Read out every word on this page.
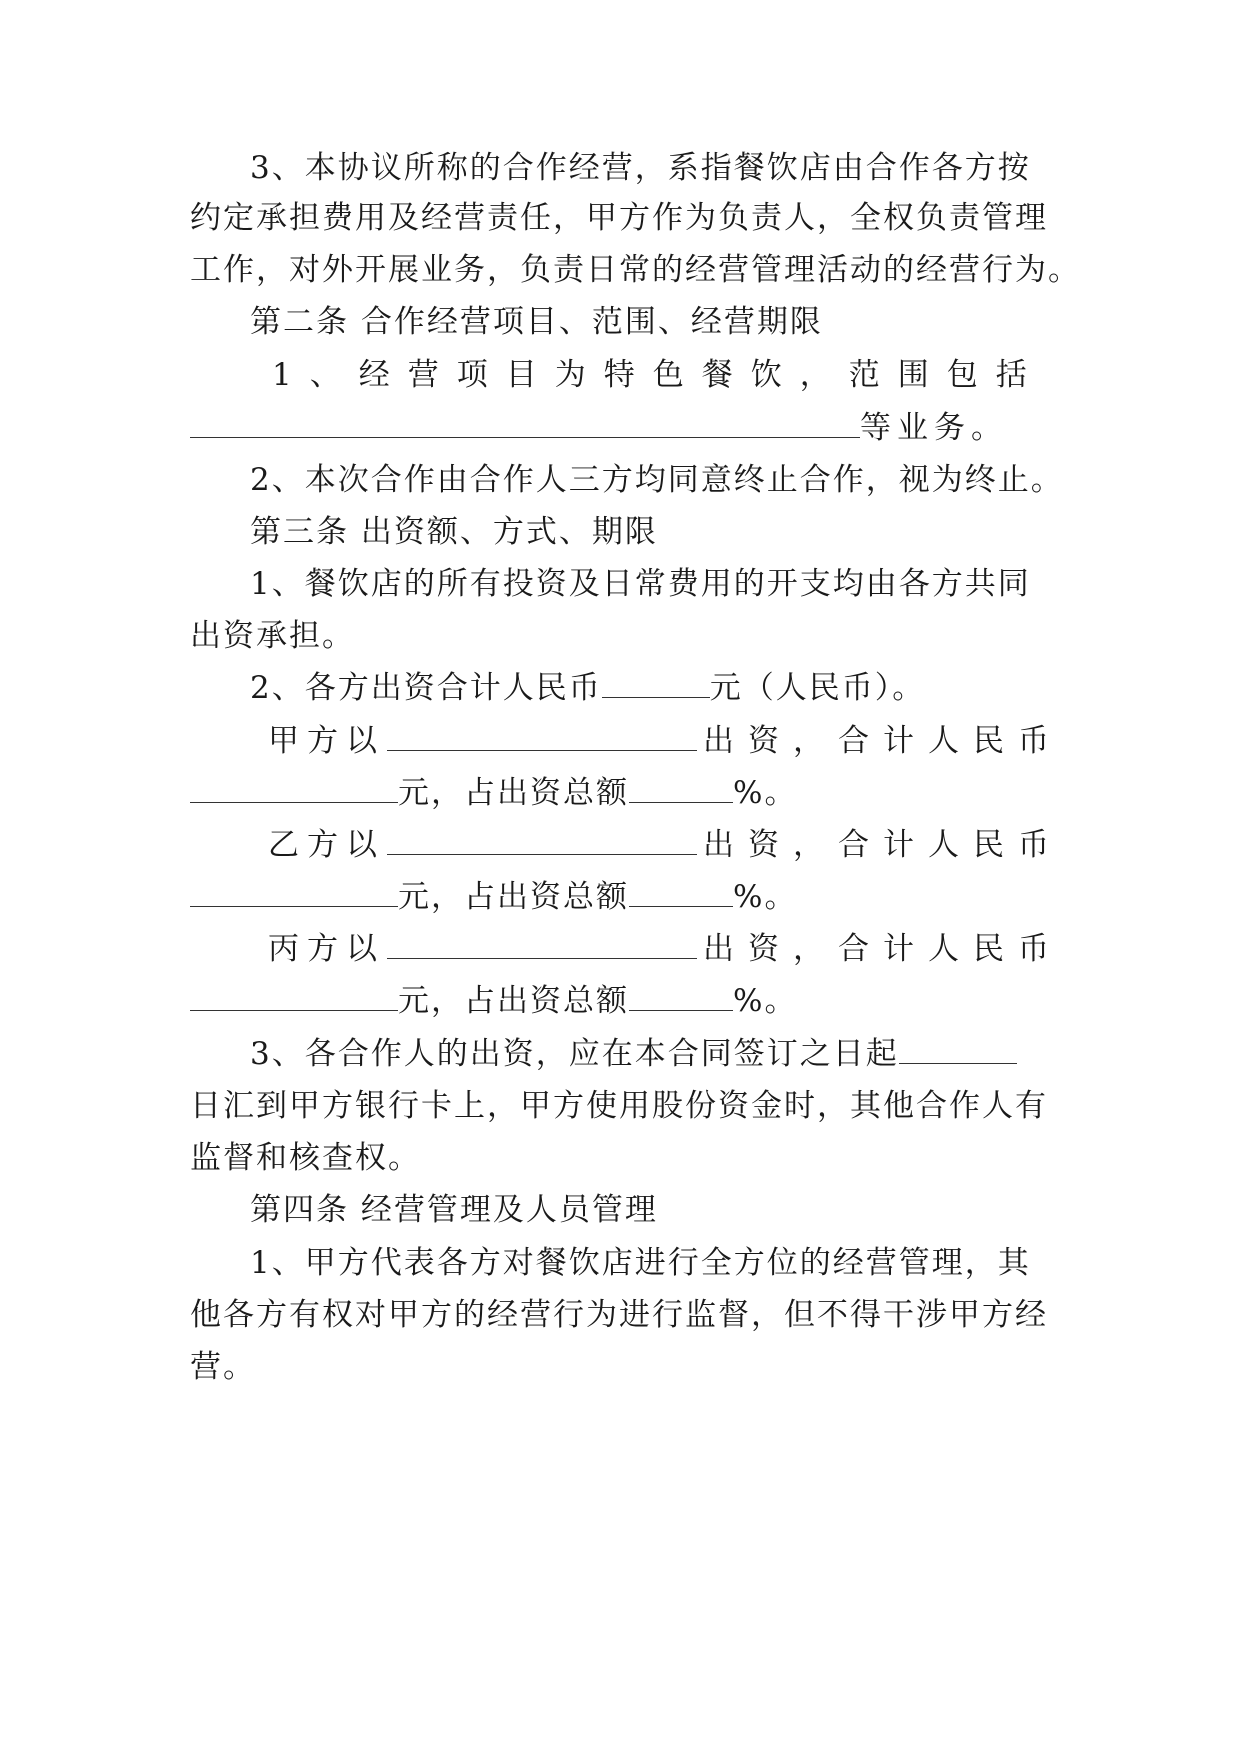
3、本协议所称的合作经营，系指餐饮店由合作各方按
约定承担费用及经营责任，甲方作为负责人，全权负责管理
工作，对外开展业务，负责日常的经营管理活动的经营行为。
第二条 合作经营项目、范围、经营期限
1、经营项目为特色餐饮，范围包括
等业务。
2、本次合作由合作人三方均同意终止合作，视为终止。
第三条 出资额、方式、期限
1、餐饮店的所有投资及日常费用的开支均由各方共同
出资承担。
2、各方出资合计人民币	元（人民币）。
甲方以	出资，合计人民币
元，占出资总额	%。
乙方以	出资，合计人民币
元，占出资总额	%。
丙方以	出资，合计人民币
元，占出资总额	%。
3、各合作人的出资，应在本合同签订之日起
日汇到甲方银行卡上，甲方使用股份资金时，其他合作人有
监督和核查权。
第四条 经营管理及人员管理
1、甲方代表各方对餐饮店进行全方位的经营管理，其
他各方有权对甲方的经营行为进行监督，但不得干涉甲方经
营。
